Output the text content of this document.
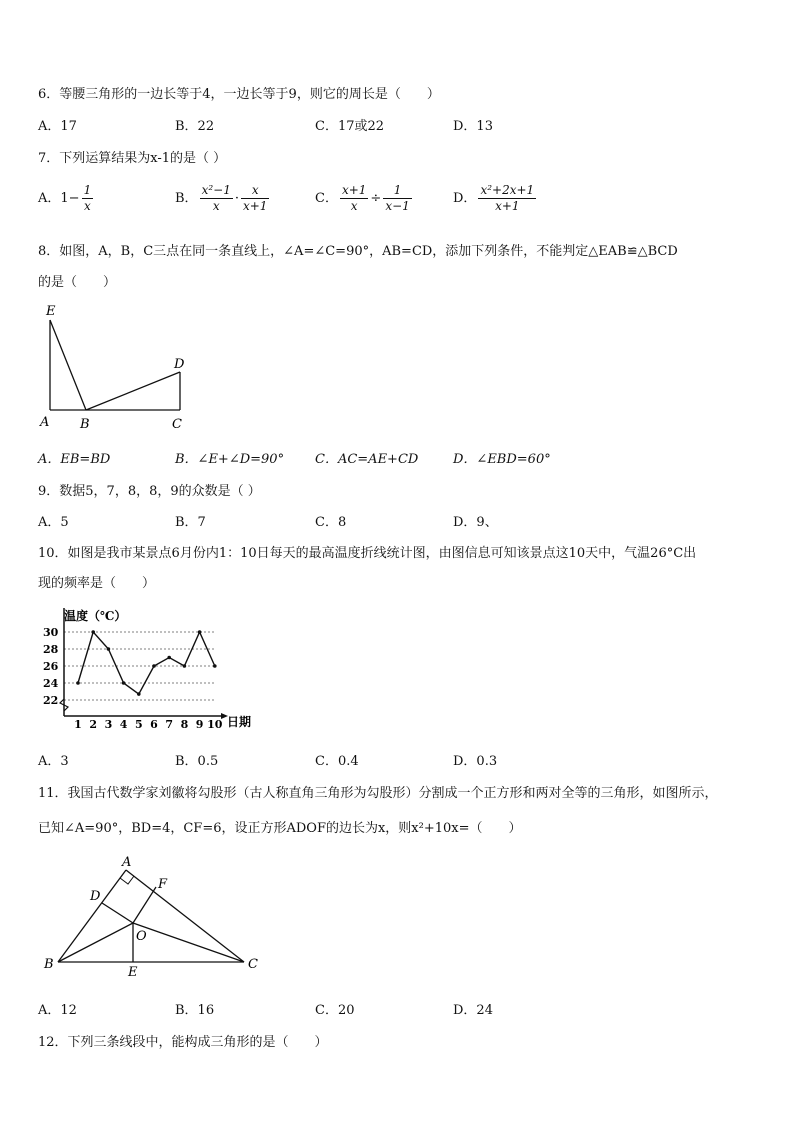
6．等腰三角形的一边长等于4，一边长等于9，则它的周长是（　　）
A．17	B．22	C．17或22	D．13
7．下列运算结果为x-1的是（ ）
A．$1- \frac{1}{x}$	B． $\frac{\text{x²−1}}{x} \cdot \frac{x}{x+1}$	C． $\frac{x+1}{x} \div \frac{1}{x-1}$	D． $\frac{\text{x²+2x+1}}{x+1}$
8．如图，A，B，C三点在同一条直线上，∠A=∠C=90°，AB=CD，添加下列条件，不能判定△EAB≌△BCD
的是（　　）
E
D
A B	C
A．EB=BD	B．∠E+∠D=90° C．AC=AE+CD	D．∠EBD=60°
9．数据5，7，8，8，9的众数是（ ）
A．5	B．7	C．8	D．9、
10．如图是我市某景点6月份内1：10日每天的最高温度折线统计图，由图信息可知该景点这10天中，气温26°C出
现的频率是（　　）
温度（℃）
日期
22
24
26
28
30
1 2 3 4 5 6 7 8 9 10
A．3	B．0.5	C．0.4	D．0.3
11．我国古代数学家刘徽将勾股形（古人称直角三角形为勾股形）分割成一个正方形和两对全等的三角形，如图所示，
已知∠A=90°，BD=4，CF=6，设正方形ADOF的边长为x，则x²+10x=（　　）
A
D
F
O
B
E
C
A．12	B．16	C．20	D．24
12．下列三条线段中，能构成三角形的是（　　）
